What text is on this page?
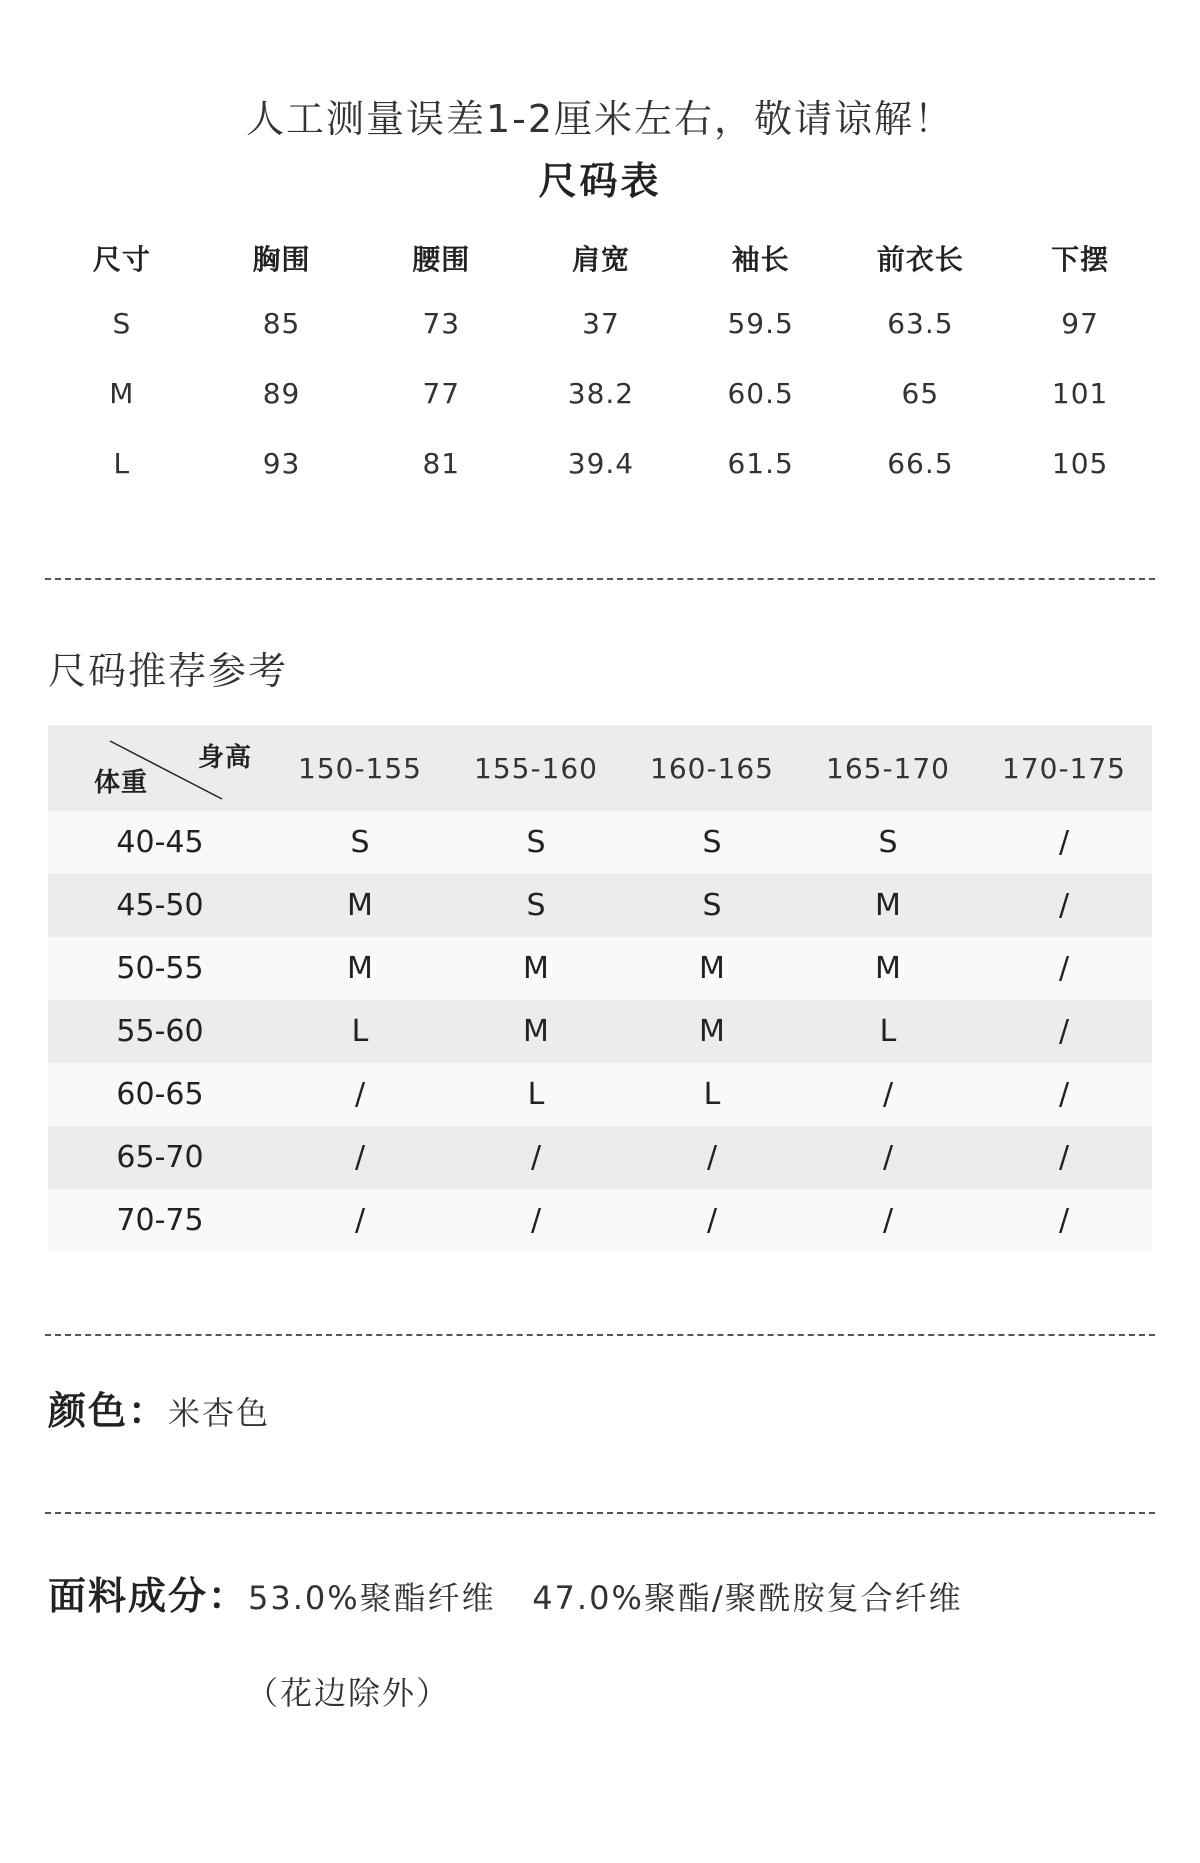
人工测量误差1-2厘米左右，敬请谅解！
尺码表
尺寸	胸围	腰围	肩宽	袖长	前衣长	下摆
S	85	73	37	59.5	63.5	97
M	89	77	38.2	60.5	65	101
L	93	81	39.4	61.5	66.5	105
尺码推荐参考
身高
体重	150-155	155-160	160-165	165-170	170-175
40-45	S	S	S	S	/
45-50	M	S	S	M	/
50-55	M	M	M	M	/
55-60	L	M	M	L	/
60-65	/	L	L	/	/
65-70	/	/	/	/	/
70-75	/	/	/	/	/
颜色：米杏色
面料成分：53.0%聚酯纤维   47.0%聚酯/聚酰胺复合纤维
（花边除外）
